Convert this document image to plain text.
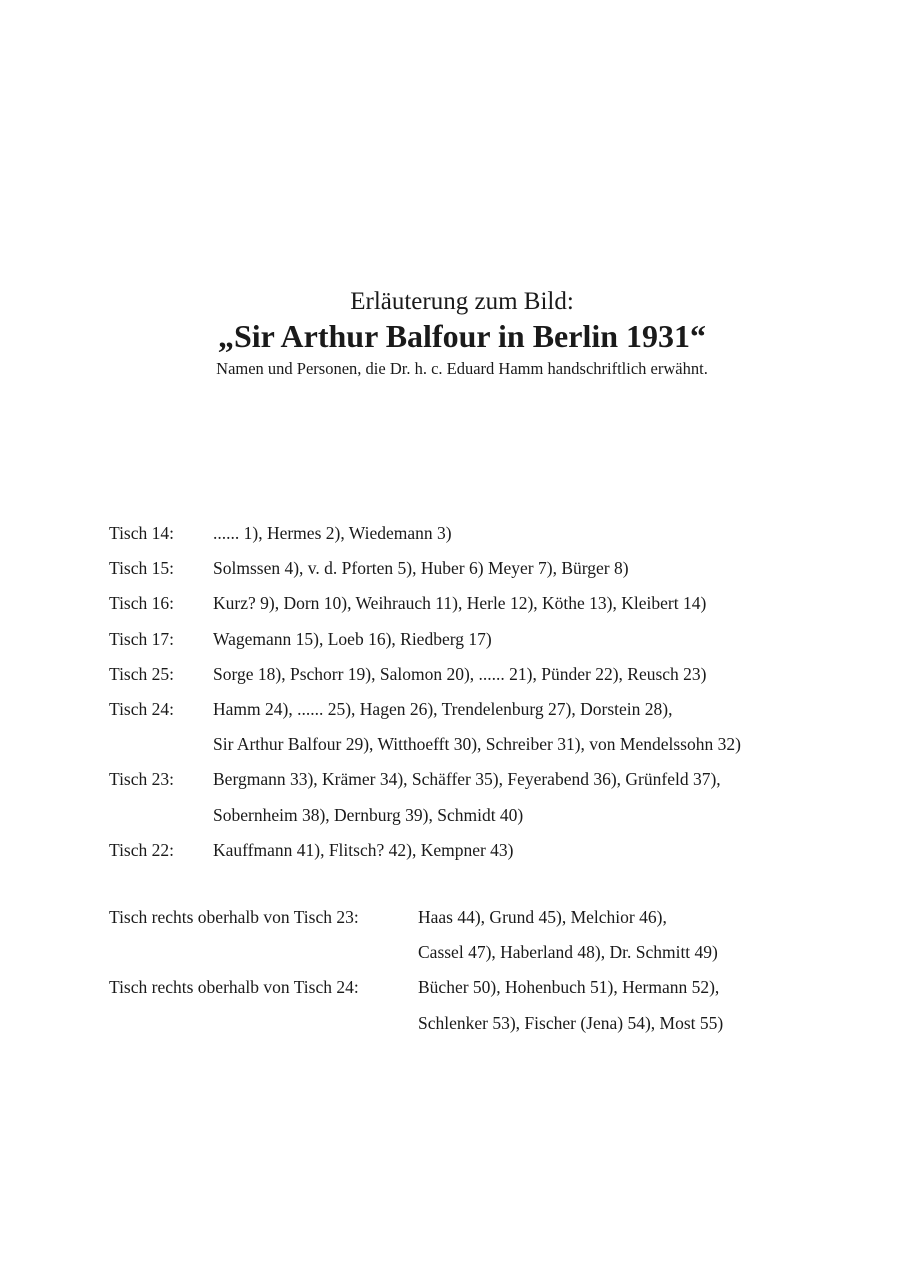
Erläuterung zum Bild:
„Sir Arthur Balfour in Berlin 1931“
Namen und Personen, die Dr. h. c. Eduard Hamm handschriftlich erwähnt.
Tisch 14:	...... 1), Hermes 2), Wiedemann 3)
Tisch 15:	Solmssen 4), v. d. Pforten 5), Huber 6) Meyer 7), Bürger 8)
Tisch 16:	Kurz? 9), Dorn 10), Weihrauch 11), Herle 12), Köthe 13), Kleibert 14)
Tisch 17:	Wagemann 15), Loeb 16), Riedberg 17)
Tisch 25:	Sorge 18), Pschorr 19), Salomon 20), ...... 21), Pünder 22), Reusch 23)
Tisch 24:	Hamm 24), ...... 25), Hagen 26), Trendelenburg 27), Dorstein 28),
Sir Arthur Balfour 29), Witthoefft 30), Schreiber 31), von Mendelssohn 32)
Tisch 23:	Bergmann 33), Krämer 34), Schäffer 35), Feyerabend 36), Grünfeld 37),
Sobernheim 38), Dernburg 39), Schmidt 40)
Tisch 22:	Kauffmann 41), Flitsch? 42), Kempner 43)
Tisch rechts oberhalb von Tisch 23:	Haas 44), Grund 45), Melchior 46),
Cassel 47), Haberland 48), Dr. Schmitt 49)
Tisch rechts oberhalb von Tisch 24:	Bücher 50), Hohenbuch 51), Hermann 52),
Schlenker 53), Fischer (Jena) 54), Most 55)
